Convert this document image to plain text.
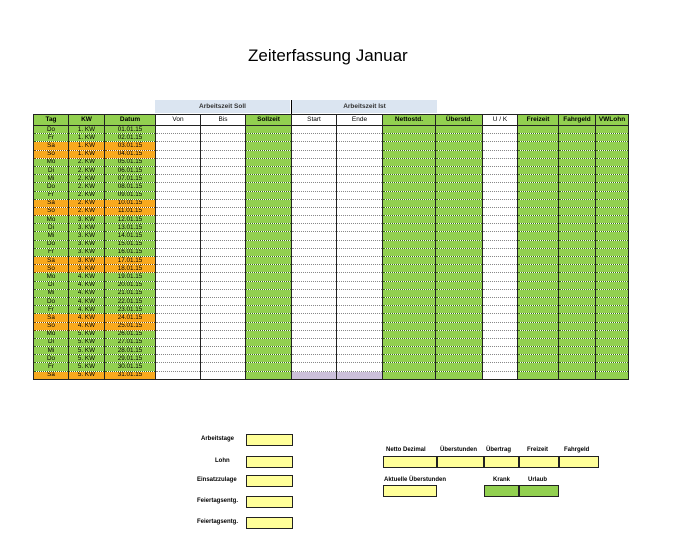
Zeiterfassung Januar
Arbeitszeit Soll	Arbeitszeit Ist
Tag	KW	Datum	Von	Bis	Sollzeit	Start	Ende	Nettostd.	Überstd.	U / K	Freizeit	Fahrgeld	VWLohn
Do	1. KW	01.01.15											
Fr	1. KW	02.01.15											
Sa	1. KW	03.01.15											
So	1. KW	04.01.15											
Mo	2. KW	05.01.15											
Di	2. KW	06.01.15											
Mi	2. KW	07.01.15											
Do	2. KW	08.01.15											
Fr	2. KW	09.01.15											
Sa	2. KW	10.01.15											
So	2. KW	11.01.15											
Mo	3. KW	12.01.15											
Di	3. KW	13.01.15											
Mi	3. KW	14.01.15											
Do	3. KW	15.01.15											
Fr	3. KW	16.01.15											
Sa	3. KW	17.01.15											
So	3. KW	18.01.15											
Mo	4. KW	19.01.15											
Di	4. KW	20.01.15											
Mi	4. KW	21.01.15											
Do	4. KW	22.01.15											
Fr	4. KW	23.01.15											
Sa	4. KW	24.01.15											
So	4. KW	25.01.15											
Mo	5. KW	26.01.15											
Di	5. KW	27.01.15											
Mi	5. KW	28.01.15											
Do	5. KW	29.01.15											
Fr	5. KW	30.01.15											
Sa	5. KW	31.01.15											
Arbeitstage
Lohn
Einsatzzulage
Feiertagsentg.
Feiertagsentg.
Netto Dezimal Überstunden Übertrag	Freizeit	Fahrgeld
Aktuelle Überstunden	Krank	Urlaub
